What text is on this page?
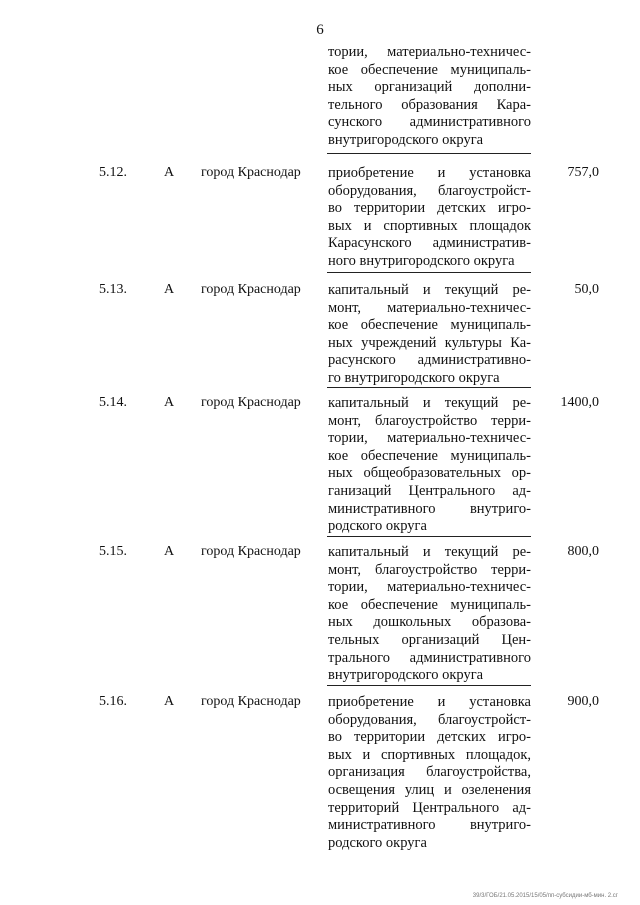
6
тории, материально-техничес-
кое обеспечение муниципаль-
ных организаций дополни-
тельного образования Кара-
сунского административного
внутригородского округа
5.12.	А город Краснодар приобретение и установка
оборудования, благоустройст-
во территории детских игро-
вых и спортивных площадок
Карасунского административ-
ного внутригородского округа
757,0
5.13.	А город Краснодар капитальный и текущий ре-
монт, материально-техничес-
кое обеспечение муниципаль-
ных учреждений культуры Ка-
расунского административно-
го внутригородского округа
50,0
5.14.	А город Краснодар капитальный и текущий ре-
монт, благоустройство терри-
тории, материально-техничес-
кое обеспечение муниципаль-
ных общеобразовательных ор-
ганизаций Центрального ад-
министративного внутриго-
родского округа
1400,0
5.15.	А город Краснодар капитальный и текущий ре-
монт, благоустройство терри-
тории, материально-техничес-
кое обеспечение муниципаль-
ных дошкольных образова-
тельных организаций Цен-
трального административного
внутригородского округа
800,0
5.16.	А город Краснодар приобретение и установка
оборудования, благоустройст-
во территории детских игро-
вых и спортивных площадок,
организация благоустройства,
освещения улиц и озеленения
территорий Центрального ад-
министративного внутриго-
родского округа
900,0
39/3/ГОБ/21.05.2015/15/05/пп-субсидии-мб-мин. 2.сг
